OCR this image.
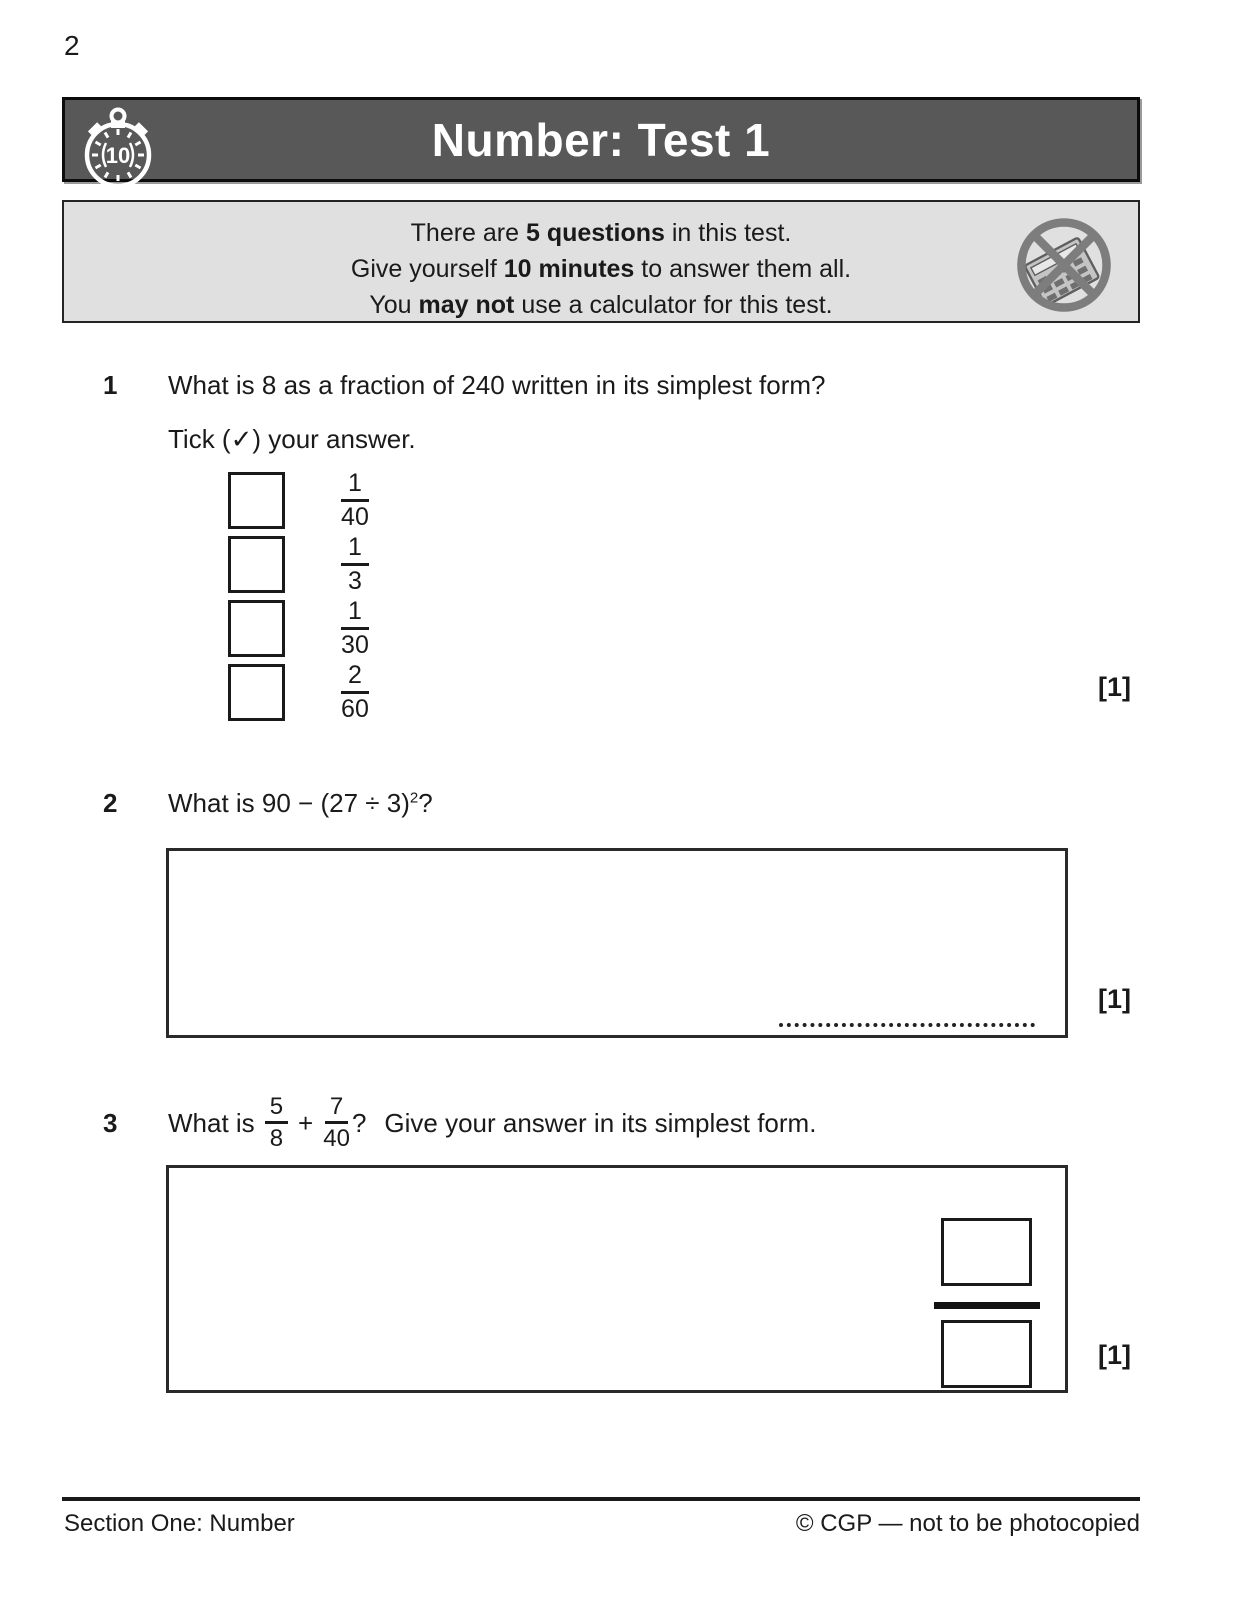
2
10	Number: Test 1
There are 5 questions in this test.
Give yourself 10 minutes to answer them all.
You may not use a calculator for this test.
1 What is 8 as a fraction of 240 written in its simplest form?
Tick (✓) your answer.
$\frac{1}{40}$
$\frac{1}{3}$
$\frac{1}{30}$
$\frac{2}{60}$	[1]
2 What is $90 - (27 \div 3)^2$?
[1]
3 What is $\frac{5}{8} + \frac{7}{40}$ ? Give your answer in its simplest form.
[1]
Section One: Number	© CGP — not to be photocopied
